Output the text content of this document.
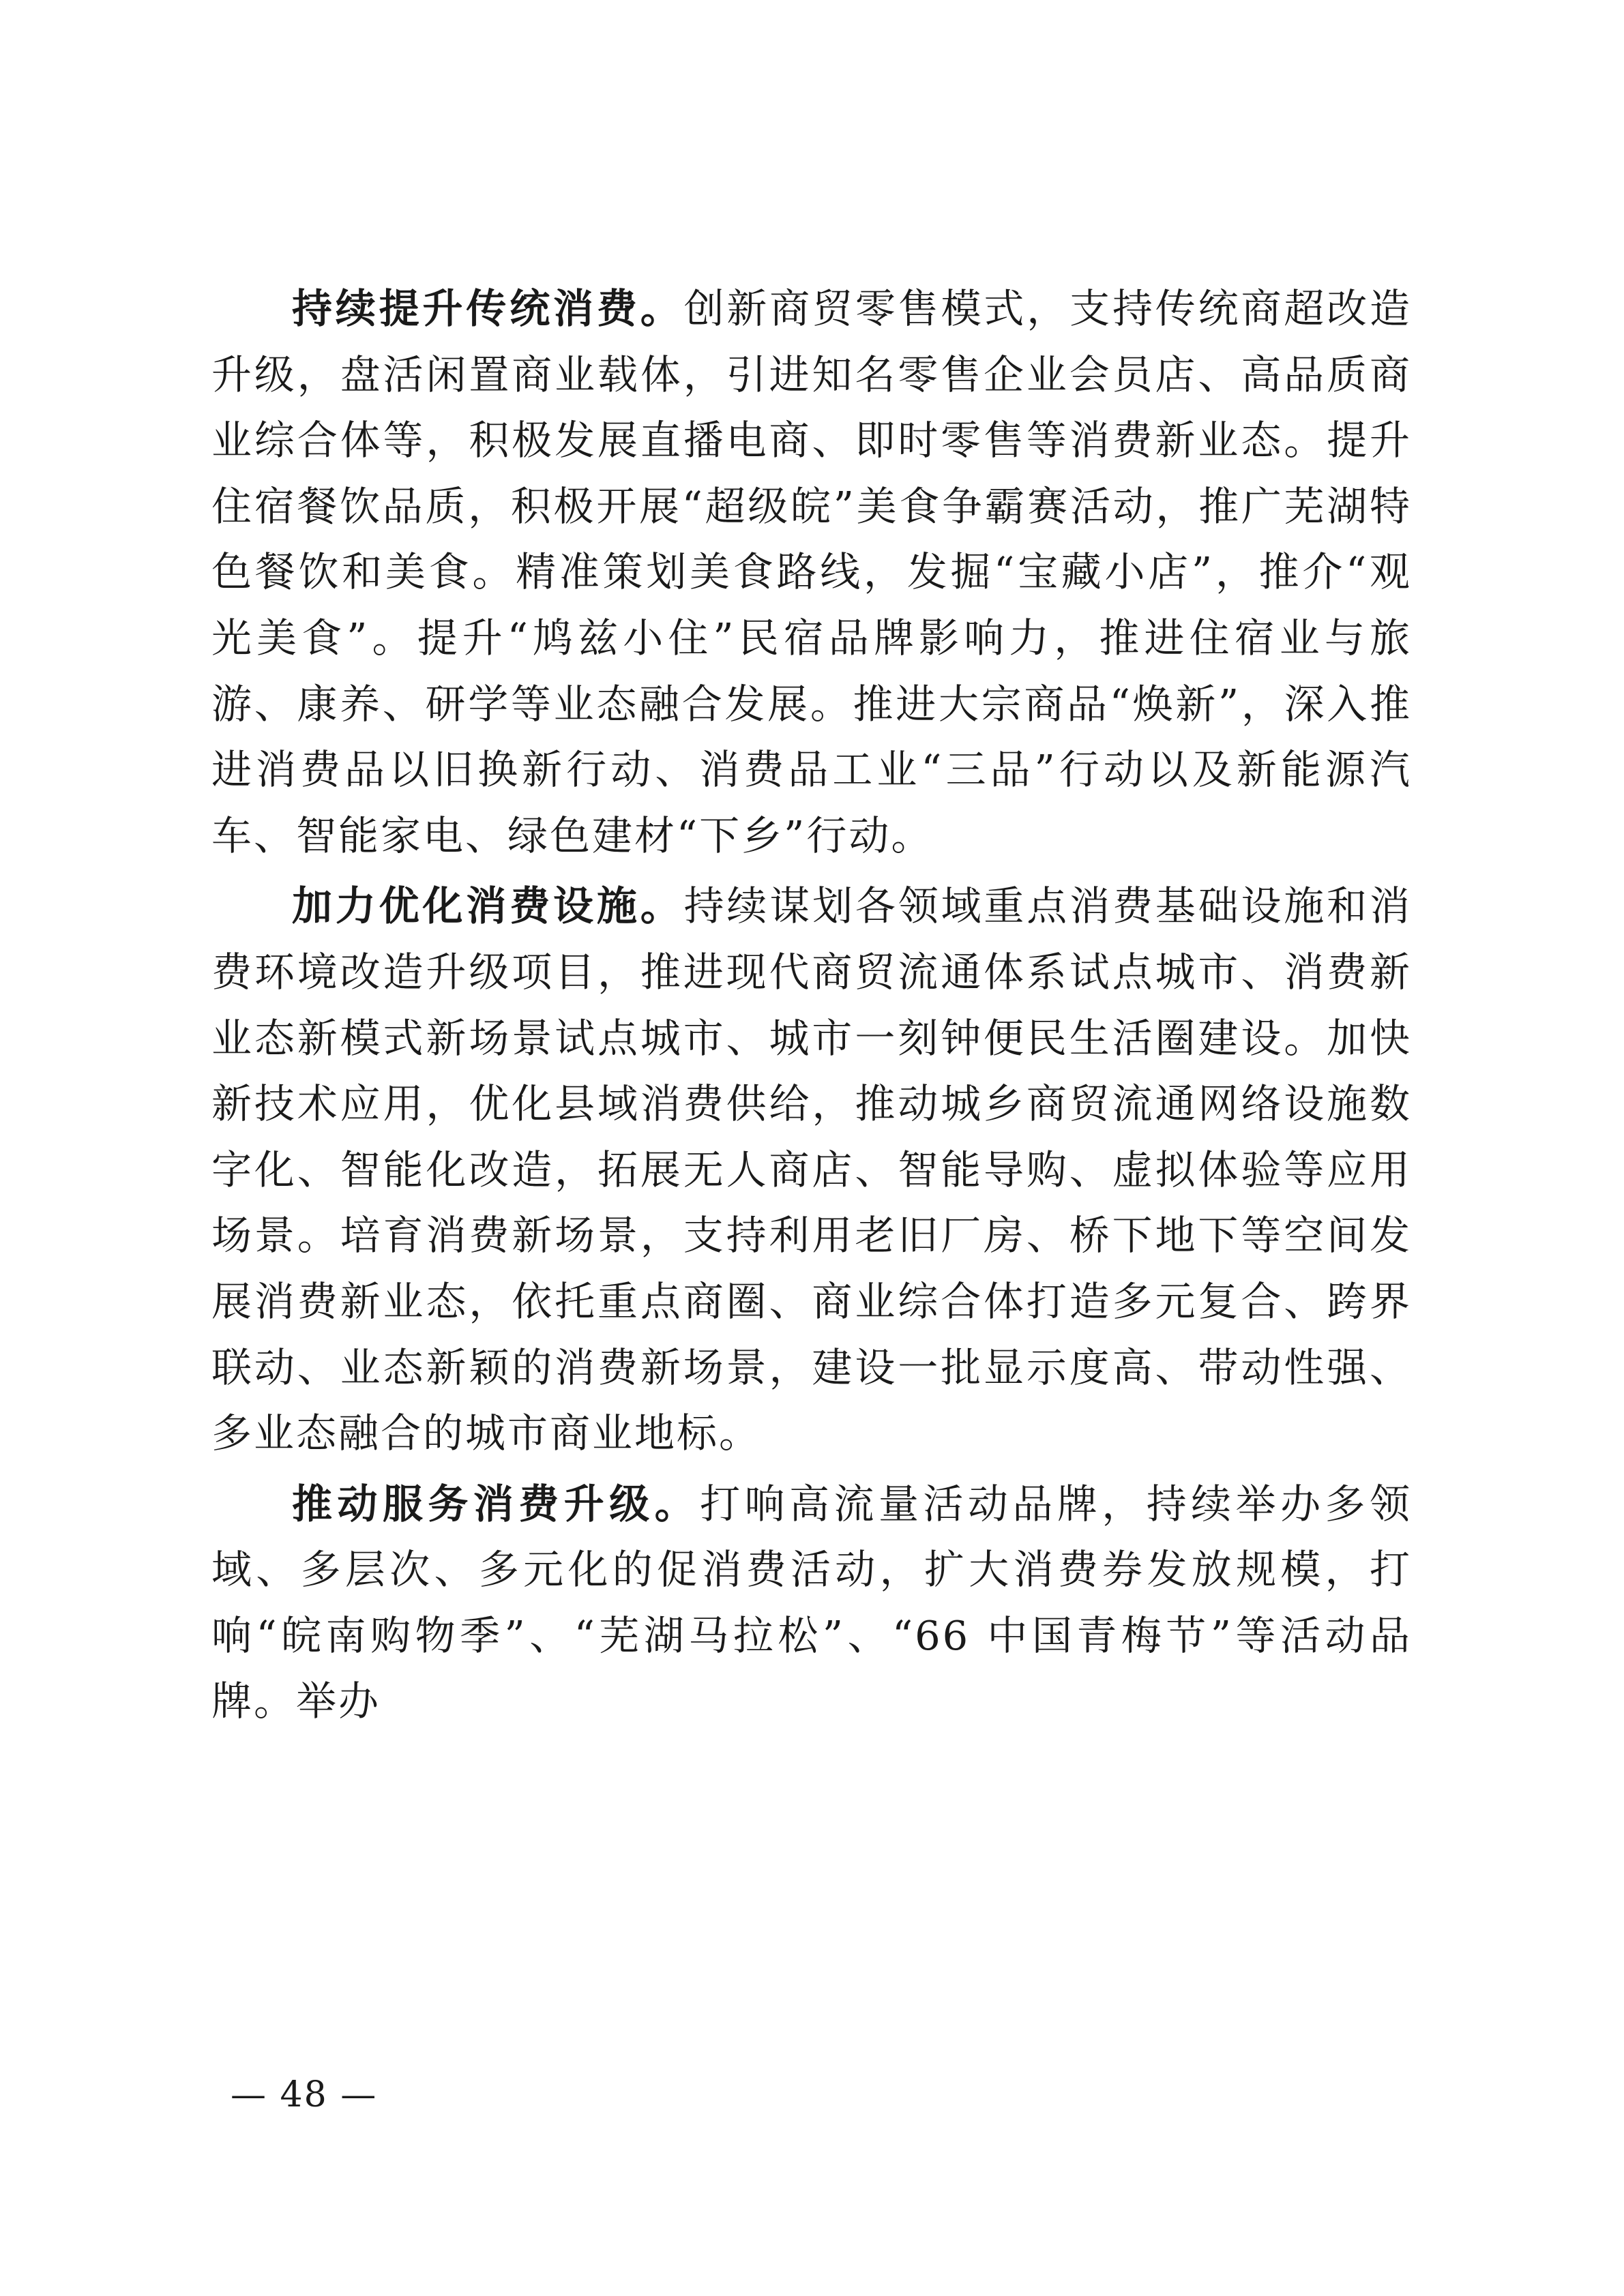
持续提升传统消费。创新商贸零售模式，支持传统商超改造升级，盘活闲置商业载体，引进知名零售企业会员店、高品质商业综合体等，积极发展直播电商、即时零售等消费新业态。提升住宿餐饮品质，积极开展“超级皖”美食争霸赛活动，推广芜湖特色餐饮和美食。精准策划美食路线，发掘“宝藏小店”，推介“观光美食”。提升“鸠兹小住”民宿品牌影响力，推进住宿业与旅游、康养、研学等业态融合发展。推进大宗商品“焕新”，深入推进消费品以旧换新行动、消费品工业“三品”行动以及新能源汽车、智能家电、绿色建材“下乡”行动。

加力优化消费设施。持续谋划各领域重点消费基础设施和消费环境改造升级项目，推进现代商贸流通体系试点城市、消费新业态新模式新场景试点城市、城市一刻钟便民生活圈建设。加快新技术应用，优化县域消费供给，推动城乡商贸流通网络设施数字化、智能化改造，拓展无人商店、智能导购、虚拟体验等应用场景。培育消费新场景，支持利用老旧厂房、桥下地下等空间发展消费新业态，依托重点商圈、商业综合体打造多元复合、跨界联动、业态新颖的消费新场景，建设一批显示度高、带动性强、多业态融合的城市商业地标。

推动服务消费升级。打响高流量活动品牌，持续举办多领域、多层次、多元化的促消费活动，扩大消费券发放规模，打响“皖南购物季”、“芜湖马拉松”、“66 中国青梅节”等活动品牌。举办

— 48 —
